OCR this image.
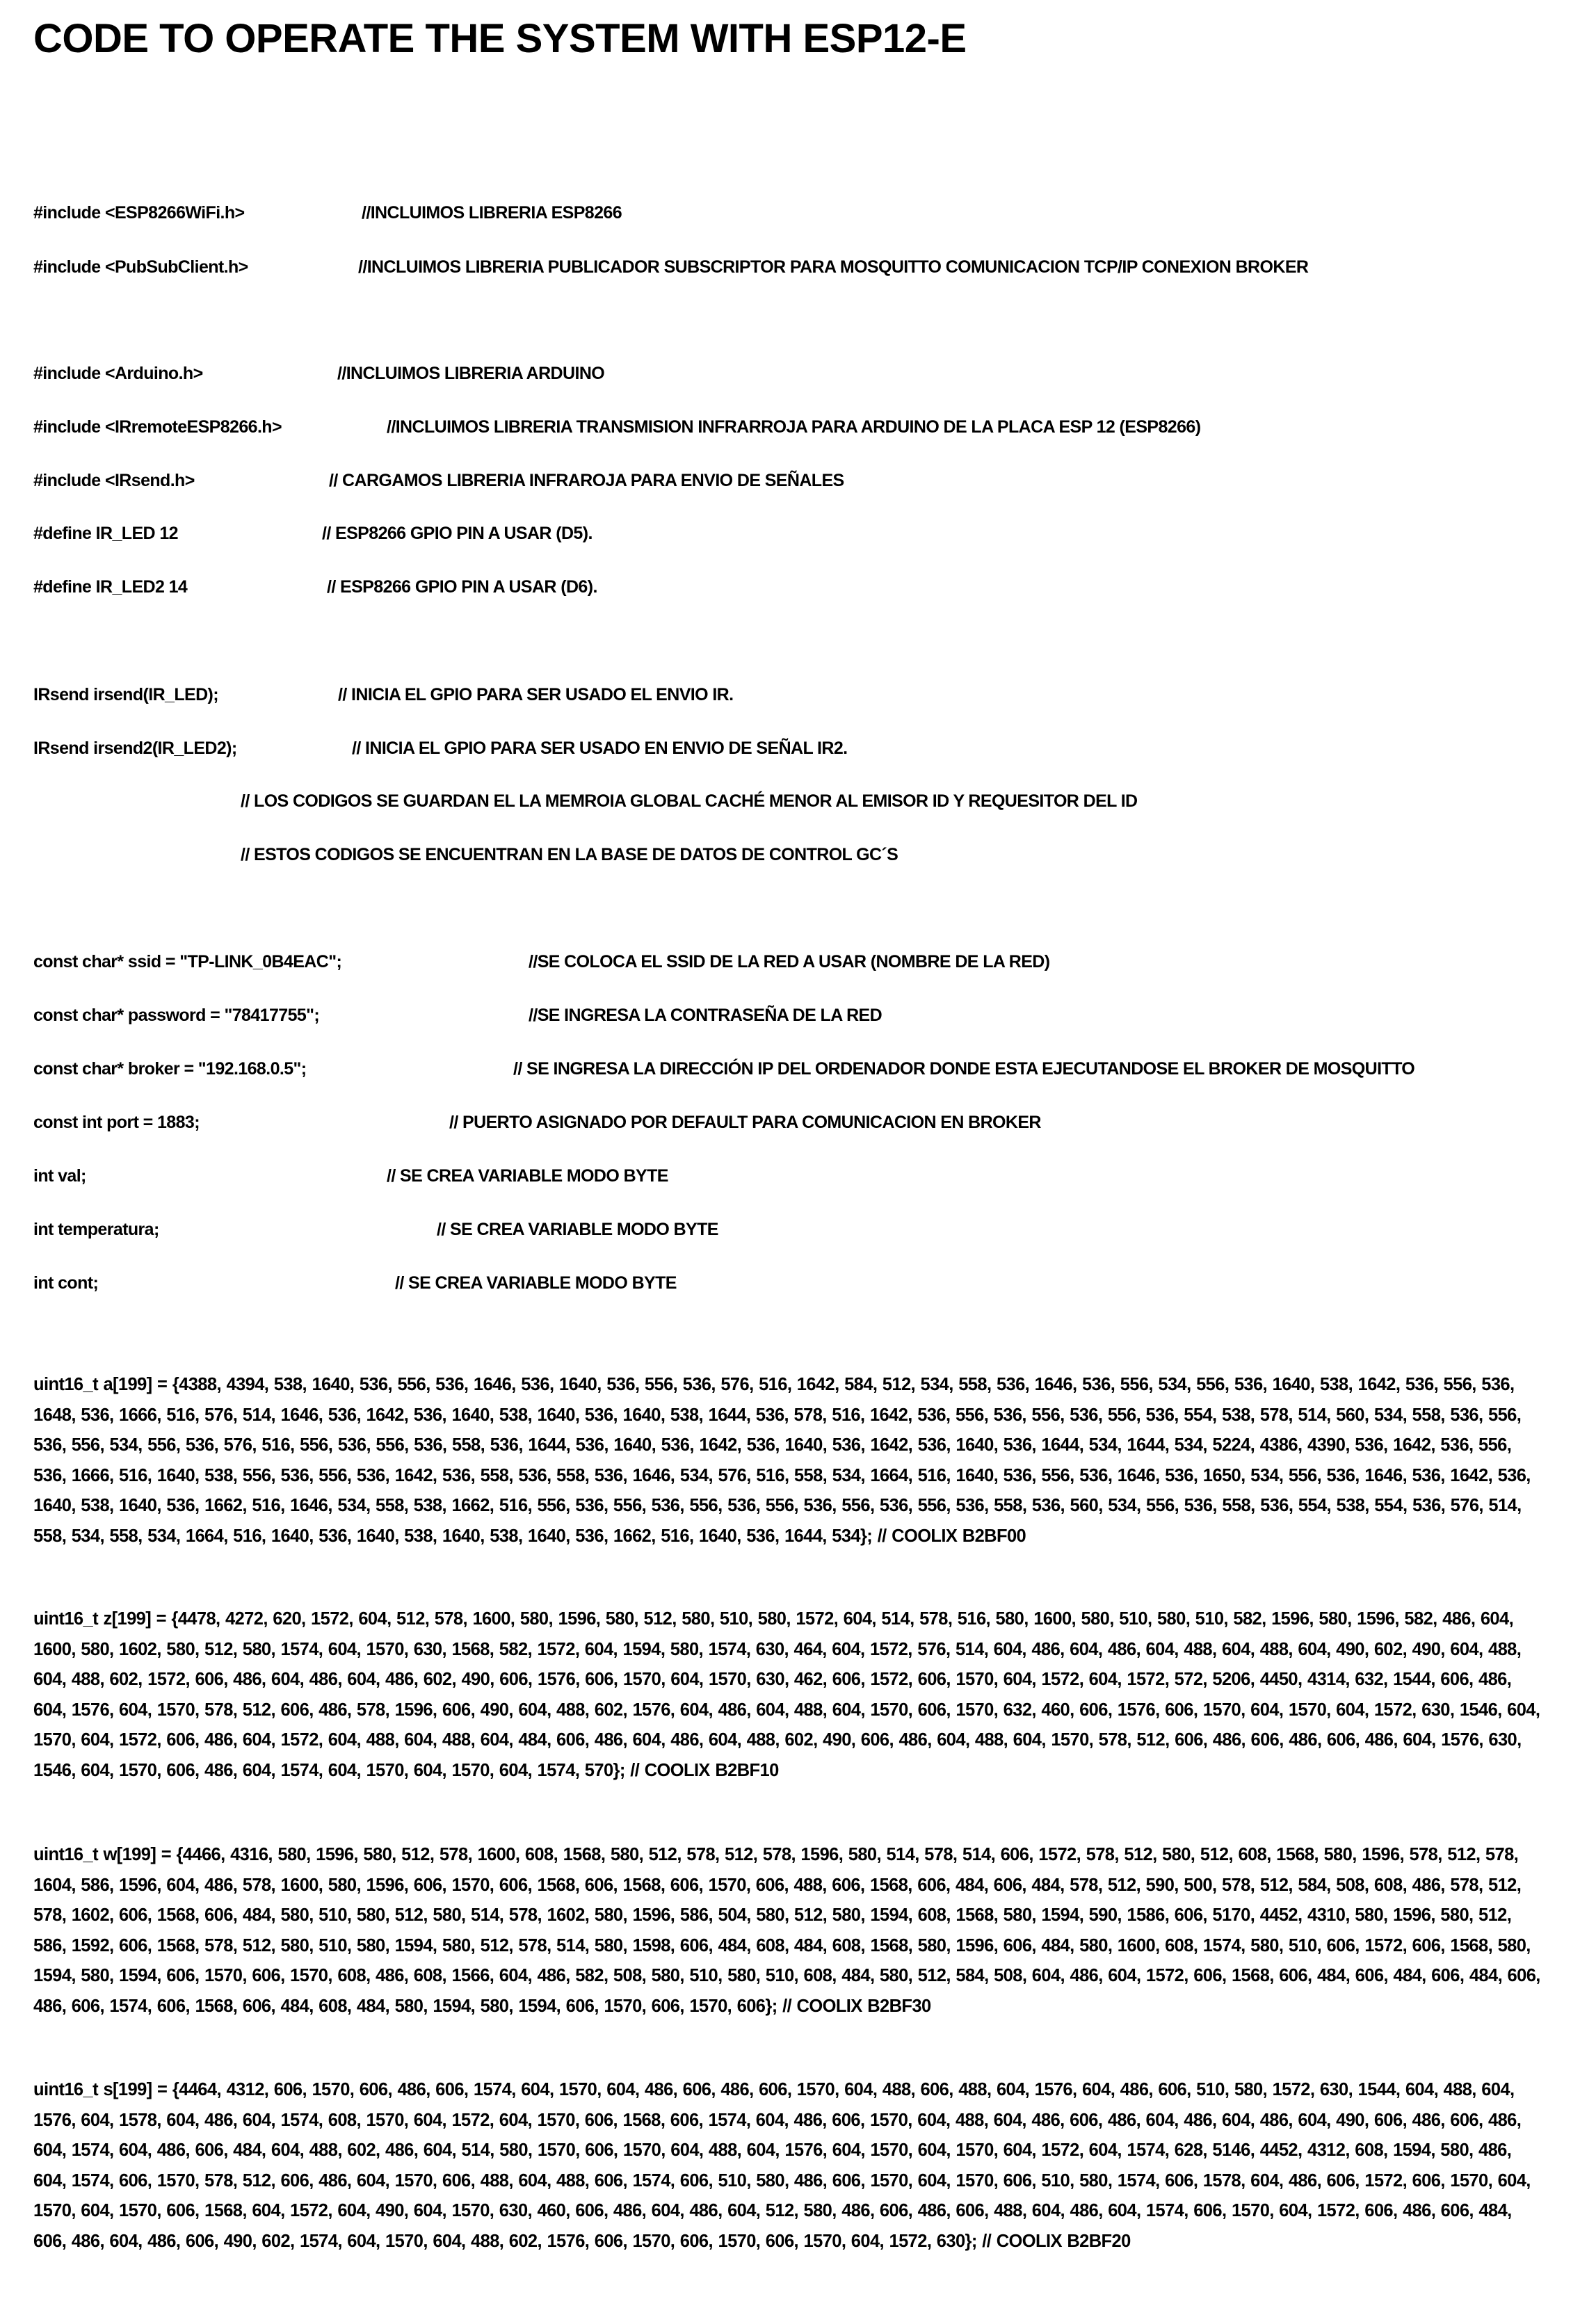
CODE TO OPERATE THE SYSTEM WITH ESP12-E
#include <ESP8266WiFi.h>	//INCLUIMOS LIBRERIA ESP8266
#include <PubSubClient.h>	//INCLUIMOS LIBRERIA PUBLICADOR SUBSCRIPTOR PARA MOSQUITTO COMUNICACION TCP/IP CONEXION BROKER
#include <Arduino.h>	//INCLUIMOS LIBRERIA ARDUINO
#include <IRremoteESP8266.h>	//INCLUIMOS LIBRERIA TRANSMISION INFRARROJA PARA ARDUINO DE LA PLACA ESP 12 (ESP8266)
#include <IRsend.h>	// CARGAMOS LIBRERIA INFRAROJA PARA ENVIO DE SEÑALES
#define IR_LED 12	// ESP8266 GPIO PIN A USAR (D5).
#define IR_LED2 14	// ESP8266 GPIO PIN A USAR (D6).
IRsend irsend(IR_LED);	// INICIA EL GPIO PARA SER USADO EL ENVIO IR.
IRsend irsend2(IR_LED2);	// INICIA EL GPIO PARA SER USADO EN ENVIO DE SEÑAL IR2.
// LOS CODIGOS SE GUARDAN EL LA MEMROIA GLOBAL CACHÉ MENOR AL EMISOR ID Y REQUESITOR DEL ID
// ESTOS CODIGOS SE ENCUENTRAN EN LA BASE DE DATOS DE CONTROL GC´S
const char* ssid = "TP-LINK_0B4EAC";	//SE COLOCA EL SSID DE LA RED A USAR (NOMBRE DE LA RED)
const char* password = "78417755";	//SE INGRESA LA CONTRASEÑA DE LA RED
const char* broker = "192.168.0.5";	// SE INGRESA LA DIRECCIÓN IP DEL ORDENADOR DONDE ESTA EJECUTANDOSE EL BROKER DE MOSQUITTO
const int port = 1883;	// PUERTO ASIGNADO POR DEFAULT PARA COMUNICACION EN BROKER
int val;	// SE CREA VARIABLE MODO BYTE
int temperatura;	// SE CREA VARIABLE MODO BYTE
int cont;	// SE CREA VARIABLE MODO BYTE
uint16_t a[199] = {4388, 4394, 538, 1640, 536, 556, 536, 1646, 536, 1640, 536, 556, 536, 576, 516, 1642, 584, 512, 534, 558, 536, 1646, 536, 556, 534, 556, 536, 1640, 538, 1642, 536, 556, 536, 1648, 536, 1666, 516, 576, 514, 1646, 536, 1642, 536, 1640, 538, 1640, 536, 1640, 538, 1644, 536, 578, 516, 1642, 536, 556, 536, 556, 536, 556, 536, 554, 538, 578, 514, 560, 534, 558, 536, 556, 536, 556, 534, 556, 536, 576, 516, 556, 536, 556, 536, 558, 536, 1644, 536, 1640, 536, 1642, 536, 1640, 536, 1642, 536, 1640, 536, 1644, 534, 1644, 534, 5224, 4386, 4390, 536, 1642, 536, 556, 536, 1666, 516, 1640, 538, 556, 536, 556, 536, 1642, 536, 558, 536, 558, 536, 1646, 534, 576, 516, 558, 534, 1664, 516, 1640, 536, 556, 536, 1646, 536, 1650, 534, 556, 536, 1646, 536, 1642, 536, 1640, 538, 1640, 536, 1662, 516, 1646, 534, 558, 538, 1662, 516, 556, 536, 556, 536, 556, 536, 556, 536, 556, 536, 556, 536, 558, 536, 560, 534, 556, 536, 558, 536, 554, 538, 554, 536, 576, 514, 558, 534, 558, 534, 1664, 516, 1640, 536, 1640, 538, 1640, 538, 1640, 536, 1662, 516, 1640, 536, 1644, 534}; // COOLIX B2BF00
uint16_t z[199] = {4478, 4272, 620, 1572, 604, 512, 578, 1600, 580, 1596, 580, 512, 580, 510, 580, 1572, 604, 514, 578, 516, 580, 1600, 580, 510, 580, 510, 582, 1596, 580, 1596, 582, 486, 604, 1600, 580, 1602, 580, 512, 580, 1574, 604, 1570, 630, 1568, 582, 1572, 604, 1594, 580, 1574, 630, 464, 604, 1572, 576, 514, 604, 486, 604, 486, 604, 488, 604, 488, 604, 490, 602, 490, 604, 488, 604, 488, 602, 1572, 606, 486, 604, 486, 604, 486, 602, 490, 606, 1576, 606, 1570, 604, 1570, 630, 462, 606, 1572, 606, 1570, 604, 1572, 604, 1572, 572, 5206, 4450, 4314, 632, 1544, 606, 486, 604, 1576, 604, 1570, 578, 512, 606, 486, 578, 1596, 606, 490, 604, 488, 602, 1576, 604, 486, 604, 488, 604, 1570, 606, 1570, 632, 460, 606, 1576, 606, 1570, 604, 1570, 604, 1572, 630, 1546, 604, 1570, 604, 1572, 606, 486, 604, 1572, 604, 488, 604, 488, 604, 484, 606, 486, 604, 486, 604, 488, 602, 490, 606, 486, 604, 488, 604, 1570, 578, 512, 606, 486, 606, 486, 606, 486, 604, 1576, 630, 1546, 604, 1570, 606, 486, 604, 1574, 604, 1570, 604, 1570, 604, 1574, 570}; // COOLIX B2BF10
uint16_t w[199] = {4466, 4316, 580, 1596, 580, 512, 578, 1600, 608, 1568, 580, 512, 578, 512, 578, 1596, 580, 514, 578, 514, 606, 1572, 578, 512, 580, 512, 608, 1568, 580, 1596, 578, 512, 578, 1604, 586, 1596, 604, 486, 578, 1600, 580, 1596, 606, 1570, 606, 1568, 606, 1568, 606, 1570, 606, 488, 606, 1568, 606, 484, 606, 484, 578, 512, 590, 500, 578, 512, 584, 508, 608, 486, 578, 512, 578, 1602, 606, 1568, 606, 484, 580, 510, 580, 512, 580, 514, 578, 1602, 580, 1596, 586, 504, 580, 512, 580, 1594, 608, 1568, 580, 1594, 590, 1586, 606, 5170, 4452, 4310, 580, 1596, 580, 512, 586, 1592, 606, 1568, 578, 512, 580, 510, 580, 1594, 580, 512, 578, 514, 580, 1598, 606, 484, 608, 484, 608, 1568, 580, 1596, 606, 484, 580, 1600, 608, 1574, 580, 510, 606, 1572, 606, 1568, 580, 1594, 580, 1594, 606, 1570, 606, 1570, 608, 486, 608, 1566, 604, 486, 582, 508, 580, 510, 580, 510, 608, 484, 580, 512, 584, 508, 604, 486, 604, 1572, 606, 1568, 606, 484, 606, 484, 606, 484, 606, 486, 606, 1574, 606, 1568, 606, 484, 608, 484, 580, 1594, 580, 1594, 606, 1570, 606, 1570, 606}; // COOLIX B2BF30
uint16_t s[199] = {4464, 4312, 606, 1570, 606, 486, 606, 1574, 604, 1570, 604, 486, 606, 486, 606, 1570, 604, 488, 606, 488, 604, 1576, 604, 486, 606, 510, 580, 1572, 630, 1544, 604, 488, 604, 1576, 604, 1578, 604, 486, 604, 1574, 608, 1570, 604, 1572, 604, 1570, 606, 1568, 606, 1574, 604, 486, 606, 1570, 604, 488, 604, 486, 606, 486, 604, 486, 604, 486, 604, 490, 606, 486, 606, 486, 604, 1574, 604, 486, 606, 484, 604, 488, 602, 486, 604, 514, 580, 1570, 606, 1570, 604, 488, 604, 1576, 604, 1570, 604, 1570, 604, 1572, 604, 1574, 628, 5146, 4452, 4312, 608, 1594, 580, 486, 604, 1574, 606, 1570, 578, 512, 606, 486, 604, 1570, 606, 488, 604, 488, 606, 1574, 606, 510, 580, 486, 606, 1570, 604, 1570, 606, 510, 580, 1574, 606, 1578, 604, 486, 606, 1572, 606, 1570, 604, 1570, 604, 1570, 606, 1568, 604, 1572, 604, 490, 604, 1570, 630, 460, 606, 486, 604, 486, 604, 512, 580, 486, 606, 486, 606, 488, 604, 486, 604, 1574, 606, 1570, 604, 1572, 606, 486, 606, 484, 606, 486, 604, 486, 606, 490, 602, 1574, 604, 1570, 604, 488, 602, 1576, 606, 1570, 606, 1570, 606, 1570, 604, 1572, 630}; // COOLIX B2BF20
